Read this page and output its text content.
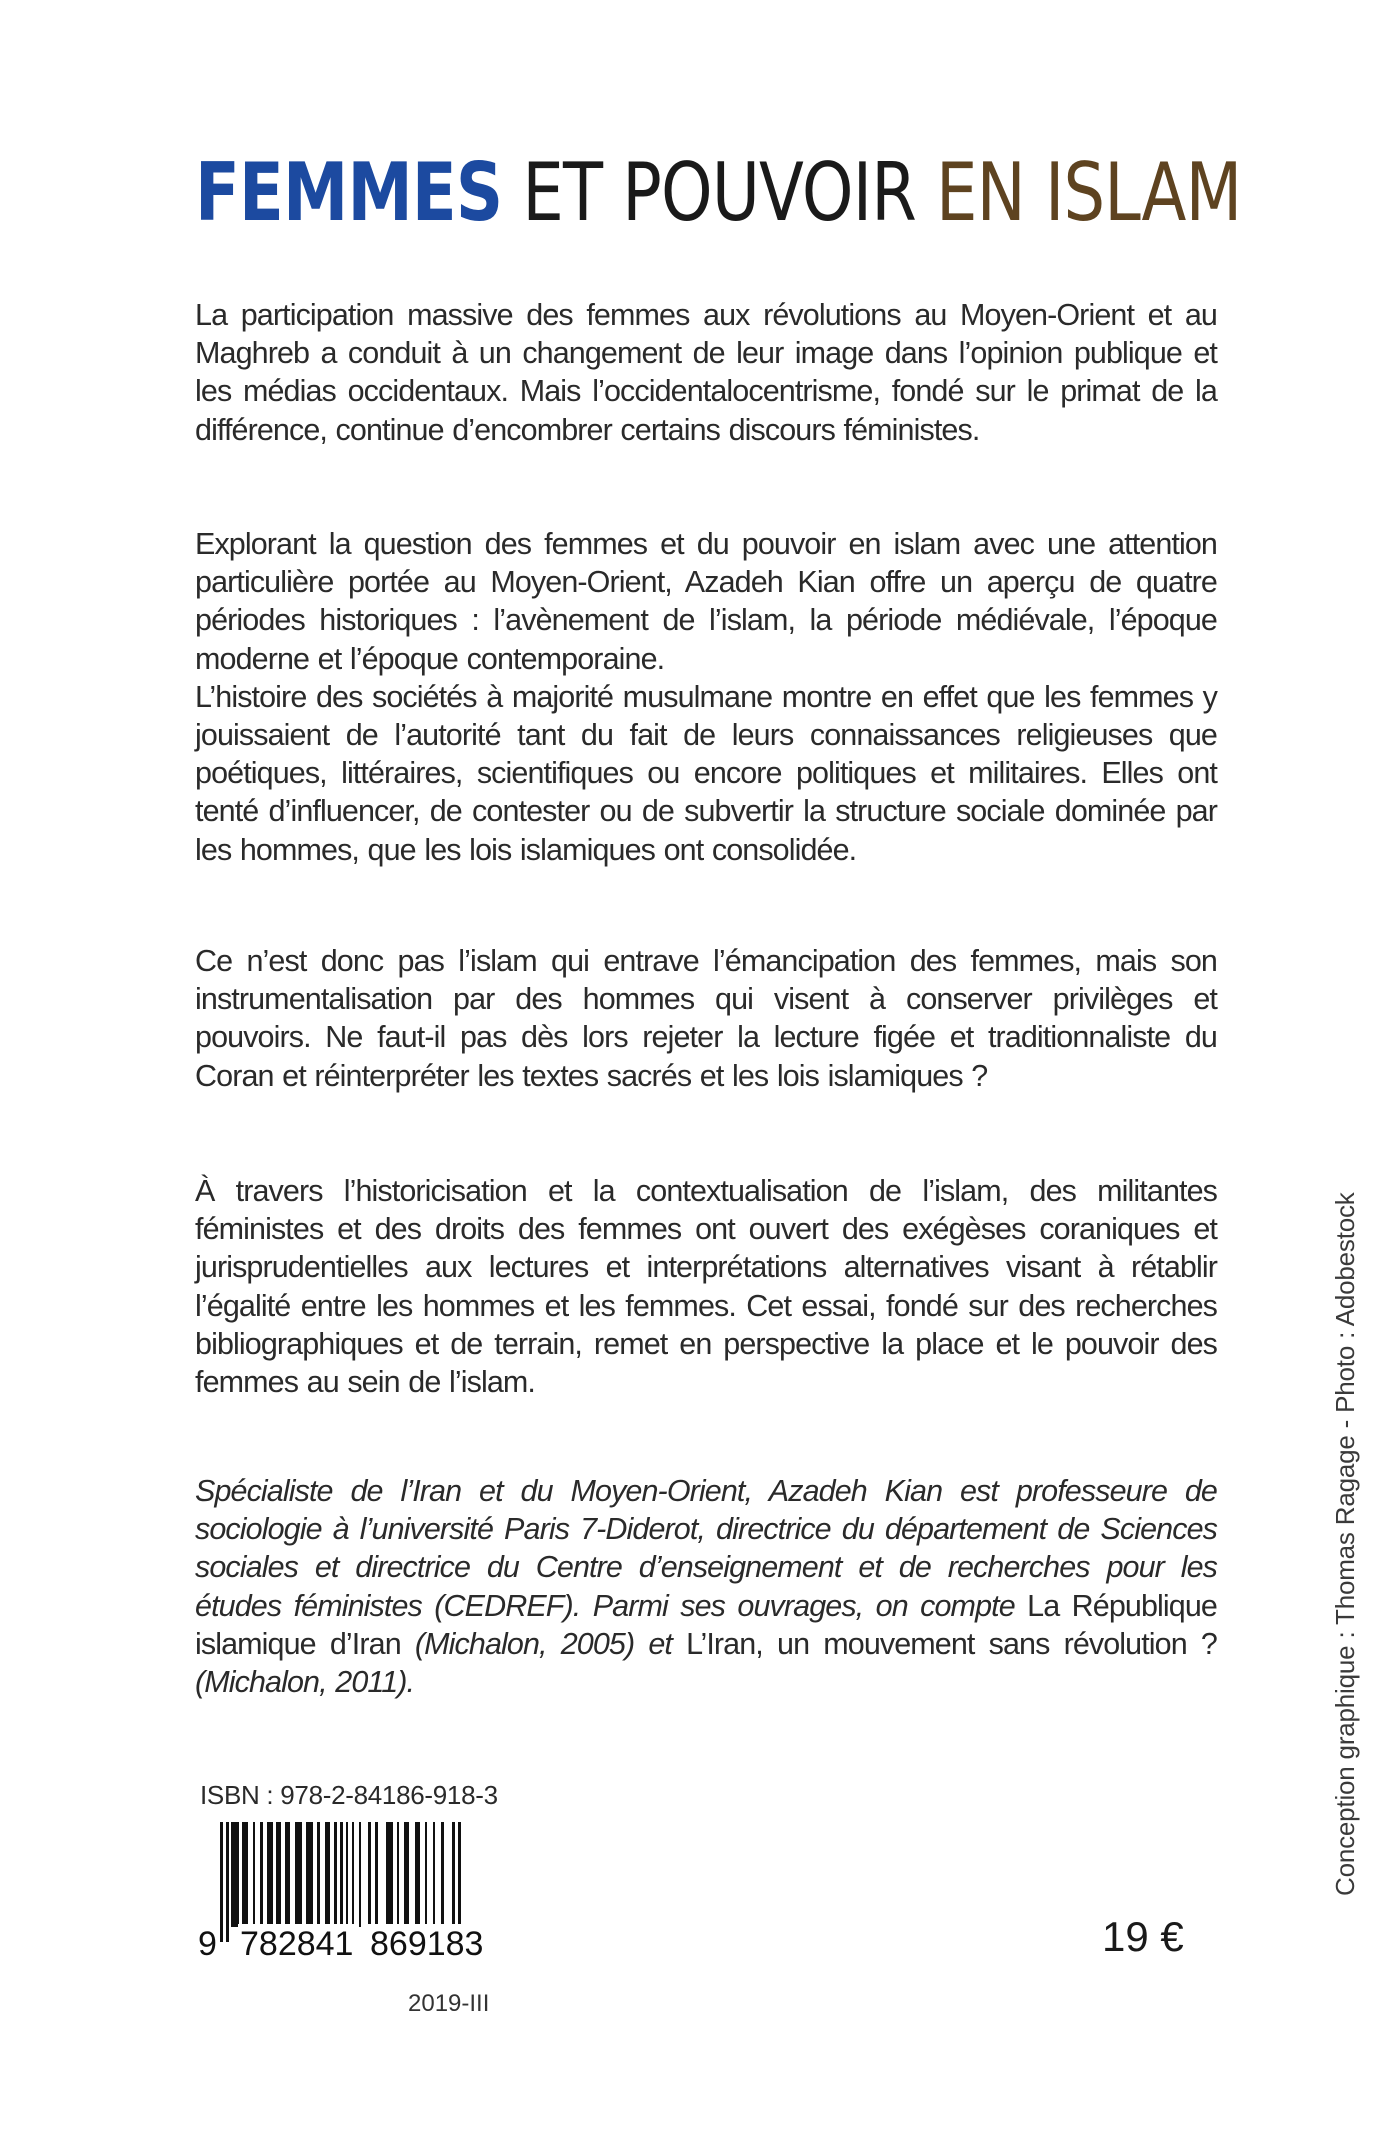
FEMMES ET POUVOIR EN ISLAM

La participation massive des femmes aux révolutions au Moyen-Orient et au Maghreb a conduit à un changement de leur image dans l’opinion publique et les médias occidentaux. Mais l’occidentalocentrisme, fondé sur le primat de la différence, continue d’encombrer certains discours féministes.

Explorant la question des femmes et du pouvoir en islam avec une attention particulière portée au Moyen-Orient, Azadeh Kian offre un aperçu de quatre périodes historiques : l’avènement de l’islam, la période médiévale, l’époque moderne et l’époque contemporaine.

L’histoire des sociétés à majorité musulmane montre en effet que les femmes y jouissaient de l’autorité tant du fait de leurs connaissances religieuses que poétiques, littéraires, scientifiques ou encore politiques et militaires. Elles ont tenté d’influencer, de contester ou de subvertir la structure sociale dominée par les hommes, que les lois islamiques ont consolidée.

Ce n’est donc pas l’islam qui entrave l’émancipation des femmes, mais son instrumentalisation par des hommes qui visent à conserver privilèges et pouvoirs. Ne faut-il pas dès lors rejeter la lecture figée et traditionnaliste du Coran et réinterpréter les textes sacrés et les lois islamiques ?

À travers l’historicisation et la contextualisation de l’islam, des militantes féministes et des droits des femmes ont ouvert des exégèses coraniques et jurisprudentielles aux lectures et interprétations alternatives visant à rétablir l’égalité entre les hommes et les femmes. Cet essai, fondé sur des recherches bibliographiques et de terrain, remet en perspective la place et le pouvoir des femmes au sein de l’islam.

Spécialiste de l’Iran et du Moyen-Orient, Azadeh Kian est professeure de sociologie à l’université Paris 7-Diderot, directrice du département de Sciences sociales et directrice du Centre d’enseignement et de recherches pour les études féministes (CEDREF). Parmi ses ouvrages, on compte La République islamique d’Iran (Michalon, 2005) et L’Iran, un mouvement sans révolution ? (Michalon, 2011).

ISBN : 978-2-84186-918-3
9 782841 869183
2019-III
19 €
Conception graphique : Thomas Ragage - Photo : Adobestock
